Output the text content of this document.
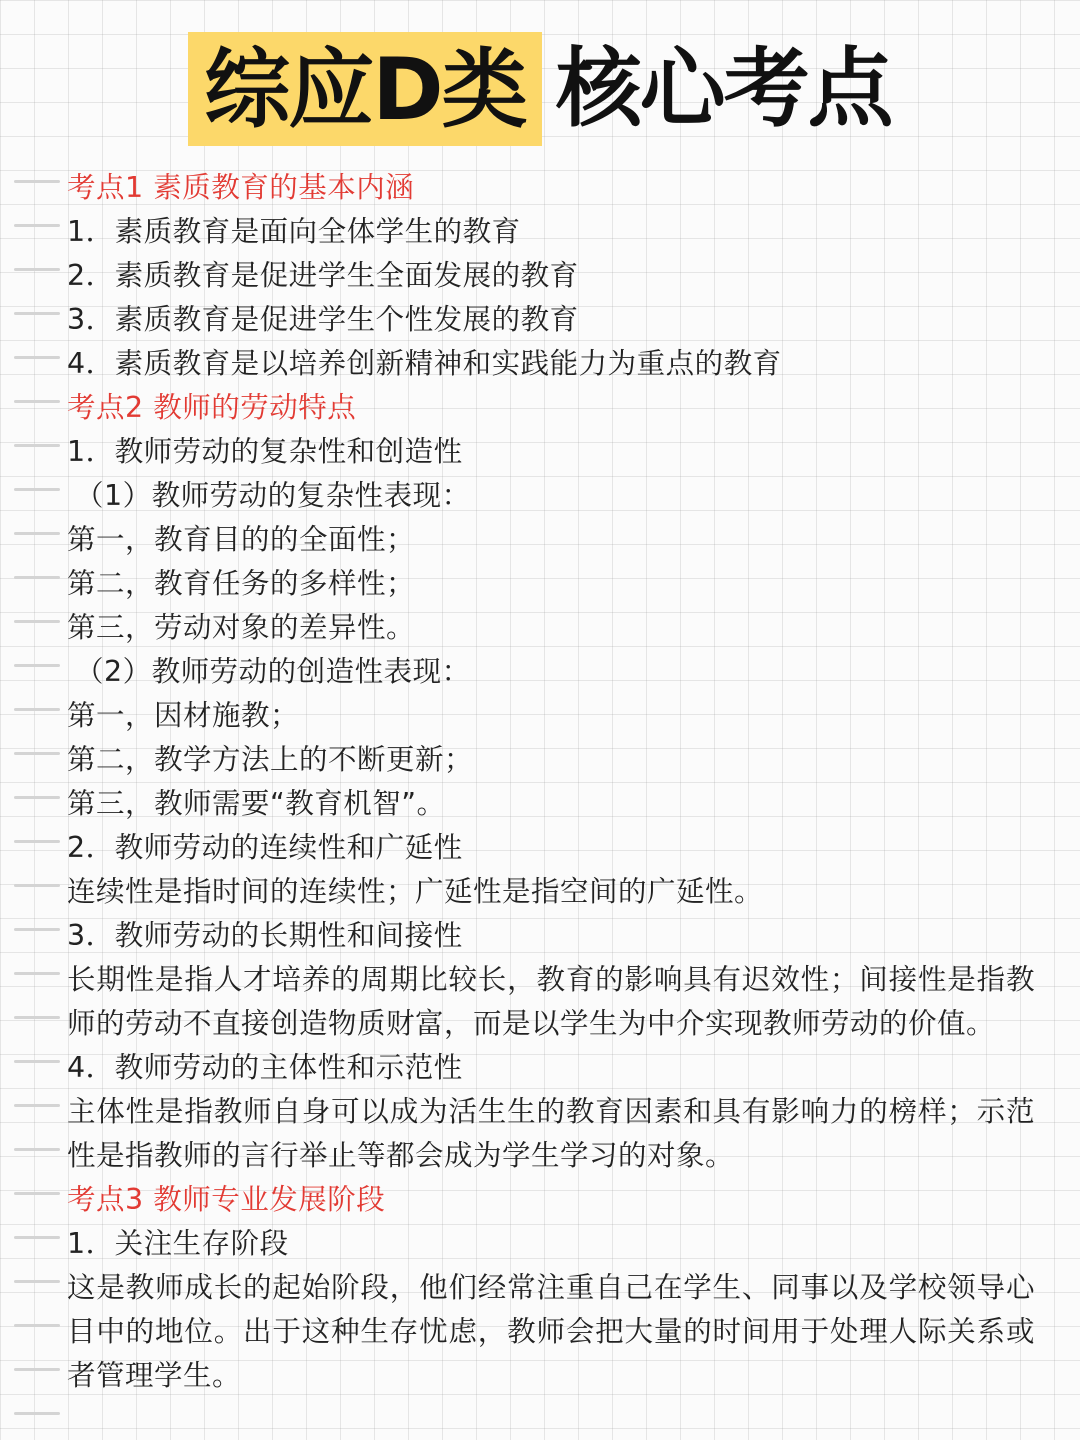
综应D类 核心考点
考点1 素质教育的基本内涵
1．素质教育是面向全体学生的教育
2．素质教育是促进学生全面发展的教育
3．素质教育是促进学生个性发展的教育
4．素质教育是以培养创新精神和实践能力为重点的教育
考点2 教师的劳动特点
1．教师劳动的复杂性和创造性
（1）教师劳动的复杂性表现：
第一，教育目的的全面性；
第二，教育任务的多样性；
第三，劳动对象的差异性。
（2）教师劳动的创造性表现：
第一，因材施教；
第二，教学方法上的不断更新；
第三，教师需要“教育机智”。
2．教师劳动的连续性和广延性
连续性是指时间的连续性；广延性是指空间的广延性。
3．教师劳动的长期性和间接性
长期性是指人才培养的周期比较长，教育的影响具有迟效性；间接性是指教师的劳动不直接创造物质财富，而是以学生为中介实现教师劳动的价值。
4．教师劳动的主体性和示范性
主体性是指教师自身可以成为活生生的教育因素和具有影响力的榜样；示范性是指教师的言行举止等都会成为学生学习的对象。
考点3 教师专业发展阶段
1．关注生存阶段
这是教师成长的起始阶段，他们经常注重自己在学生、同事以及学校领导心目中的地位。出于这种生存忧虑，教师会把大量的时间用于处理人际关系或者管理学生。
